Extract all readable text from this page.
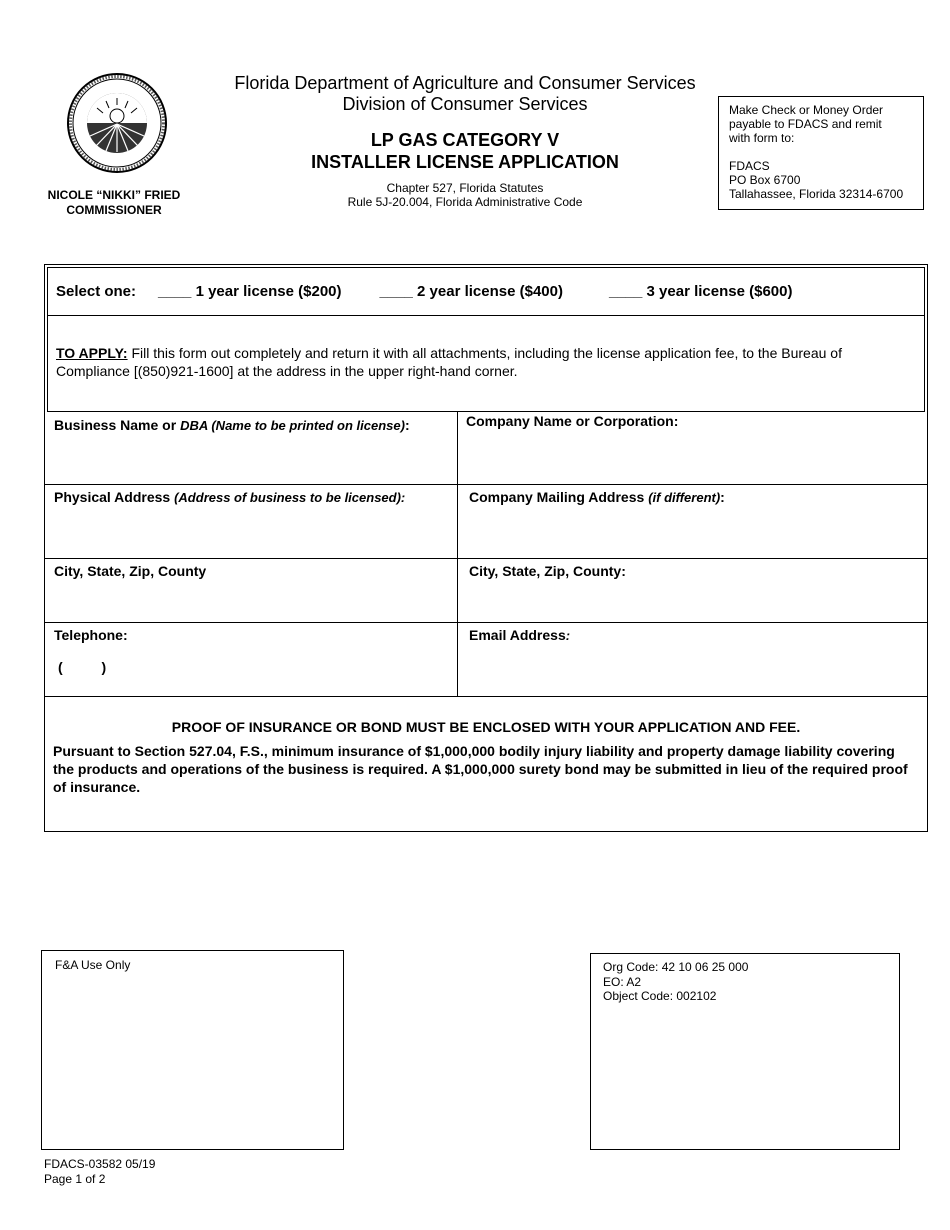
NICOLE “NIKKI” FRIED
COMMISSIONER
Florida Department of Agriculture and Consumer Services
Division of Consumer Services
LP GAS CATEGORY V
INSTALLER LICENSE APPLICATION
Chapter 527, Florida Statutes
Rule 5J-20.004, Florida Administrative Code

Make Check or Money Order

payable to FDACS and remit

with form to:

FDACS

PO Box 6700

Tallahassee, Florida 32314-6700

Select one: ____ 1 year license ($200)	____ 2 year license ($400)	____ 3 year license ($600)
TO APPLY: Fill this form out completely and return it with all attachments, including the license application fee, to the Bureau of Compliance [(850)921-1600] at the address in the upper right-hand corner.
Business Name or DBA (Name to be printed on license):	Company Name or Corporation:
Physical Address (Address of business to be licensed):	Company Mailing Address (if different):
City, State, Zip, County	City, State, Zip, County:
Telephone:
(          )
Email Address:
PROOF OF INSURANCE OR BOND MUST BE ENCLOSED WITH YOUR APPLICATION AND FEE.
Pursuant to Section 527.04, F.S., minimum insurance of $1,000,000 bodily injury liability and property damage liability covering the products and operations of the business is required. A $1,000,000 surety bond may be submitted in lieu of the required proof of insurance.
F&A Use Only	Org Code: 42 10 06 25 000

EO: A2

Object Code: 002102

FDACS-03582 05/19

Page 1 of 2
